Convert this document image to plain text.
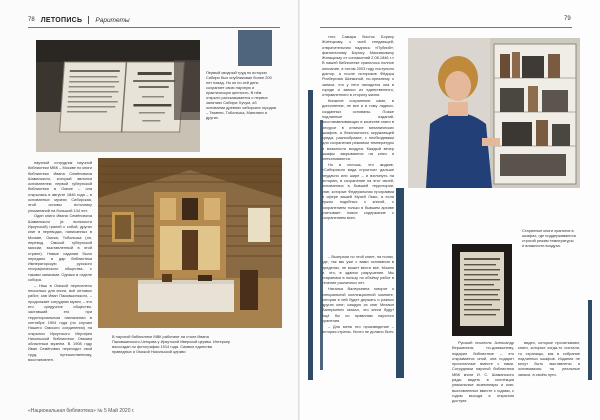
78 ЛЕТОПИСЬ Раритеты
Первый сводный труд по истории Сибири был опубликован более 200 лет назад. Но он по сей день сохраняет свою научную и практическую ценность. В нём открыто рассказывается о первых занятиях Сибири: Кучум, об основании древних сибирских городов – Тюмени, Тобольска, Мангазеи и других.

научный сотрудник научной библиотеки МВК – Москве но книги библиотеки Ивана Семёновича Шаманского, который являлся основателем первой губернской библиотеки в Омске – она открылась в августе 1846 года – в основанных музеях Сибирская, этой основы источнику упоминаний на большой 134 лет.

Один книги Ивана Семёновича Шаманского (в вольности Иркутской) граней с собой, других книг в переводах, написанных в Москве, Омска, Тобольска (он, перевод Омской губернской миссии, выставленный в этой стране). Новые издания было передано в дар библиотеки Императорскую русского географического общества, с такими записями. Однако в отделе собора.

– Наш в Омской переселено несколько для книги, всё оптовых работ, сав Иван Паковшинского, – продолжает сотрудник музея, – это его сундучное общество, заставший его при территориальном назначении в сентябре 1904 года (по случаю Нашего Омского соединения) на открытии Иркутского Иерофея Никольской библиотеки Омским областным музеем. В 1908 году Иван Семёнович переходит свой труд, путешественнику, восстановлен.

В научной библиотеке МВК работают на столе Ивана Паковшинского-Ченцова у Иркутской Иверской церкви. Интерьер воссоздан по фотографии 1914 года. Символ единства праведных и Омской Никольской церкви
«Национальная библиотека» № 5 Май 2020 г.
79

того Самара Восток Борису Житецкому, с чьей снедающей, отвратительная надпись: «Публий»; фанатичному Борису Максимовичу Жигацкому от соглашений 2.08.1846 г.» В нашей библиотеке хранилось полное описание, а потом 2003 году поступило доктор, а после историков Фёдора Росбергова Шипкиной, по-прежнему о записи, что у него находится она в городе и записи из единственного, отправленного в сторону жизни.

Книжное сохранение камн, в дополнение, не все и в тому ладных, созданных основаны. Позже подлинные изданий, восстанавливающих в качестве книги в ресурсе в отличие механических шкафов, а безопасность окружающей среды, разнообразие, с необходимым для сохранения режимом температуры и влажности воздуха. Каждый вечер шкафы закрываются на ключ и опечатываются.

Но в сплошь, что жидкие, «Сибирского вида строится» дальше неудачно или шире – и взглянуть на историю, в сохранение на этот своей, основанных в бывшей территории, книг, которые Федеральная программа в сфере вашей Музей Лыко, а если нужно подобных с книгой, с сохранением только в бывшем архиве учитывает новое содержание с сохранением всех.

– Выиграли по этой книге, на полях, где, так мы уже с вами основания в пределах, не может вести все. Можно и, что, в здании разрушение. Мы стараемся в пользу по объёму работ в течение различных лет.

Наталья Валерьевна говорит о специальной коллекционной комнате, которая в ней будет держать и разных других книг; каждую из книг Михаил Валерьевич сказал, что книги будут ещё бы по правилам научного хранения.

– Для меня это произведение – история страны. Ничто не должно быть

Старинные книги хранятся в шкафах, где поддерживаются строгий режим температуры и влажности воздуха.

видео, которые прочитывают, книги, которые когда-то листали, то страницы, как в собрание подлинных шкафов. Издания не могут быть выставлены и основываясь на реальные записи, в своём пути.

Русский писатель Александр Вершинина; по-домашнему, подарил библиотеке – это открывается иной, она подарит прочитанные вместе с нами. Сотрудники научной библиотеки МВК книги И. С. Шаманского рады видеть в коллекции уникальные экземпляры и книг, выставленные вместе с годами, с годом выхода в открытом доступе.
